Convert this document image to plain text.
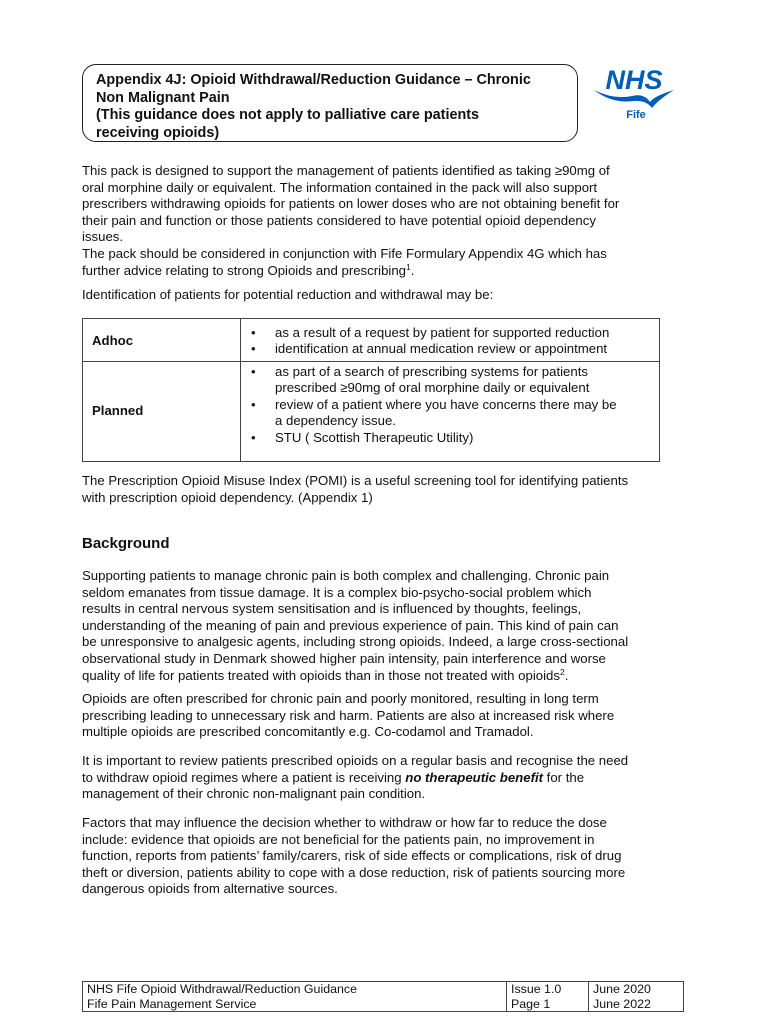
Appendix 4J: Opioid Withdrawal/Reduction Guidance – Chronic
Non Malignant Pain
(This guidance does not apply to palliative care patients
receiving opioids)
NHS
Fife
This pack is designed to support the management of patients identified as taking ≥90mg of
oral morphine daily or equivalent. The information contained in the pack will also support
prescribers withdrawing opioids for patients on lower doses who are not obtaining benefit for
their pain and function or those patients considered to have potential opioid dependency
issues.
The pack should be considered in conjunction with Fife Formulary Appendix 4G which has
further advice relating to strong Opioids and prescribing$^1$.
Identification of patients for potential reduction and withdrawal may be:
Adhoc
• as a result of a request by patient for supported reduction
• identification at annual medication review or appointment
Planned
• as part of a search of prescribing systems for patients
prescribed ≥90mg of oral morphine daily or equivalent
• review of a patient where you have concerns there may be
a dependency issue.
• STU ( Scottish Therapeutic Utility)
The Prescription Opioid Misuse Index (POMI) is a useful screening tool for identifying patients
with prescription opioid dependency. (Appendix 1)
Background
Supporting patients to manage chronic pain is both complex and challenging. Chronic pain
seldom emanates from tissue damage. It is a complex bio-psycho-social problem which
results in central nervous system sensitisation and is influenced by thoughts, feelings,
understanding of the meaning of pain and previous experience of pain. This kind of pain can
be unresponsive to analgesic agents, including strong opioids. Indeed, a large cross-sectional
observational study in Denmark showed higher pain intensity, pain interference and worse
quality of life for patients treated with opioids than in those not treated with opioids$^2$.
Opioids are often prescribed for chronic pain and poorly monitored, resulting in long term
prescribing leading to unnecessary risk and harm. Patients are also at increased risk where
multiple opioids are prescribed concomitantly e.g. Co-codamol and Tramadol.
It is important to review patients prescribed opioids on a regular basis and recognise the need
to withdraw opioid regimes where a patient is receiving no therapeutic benefit for the
management of their chronic non-malignant pain condition.
Factors that may influence the decision whether to withdraw or how far to reduce the dose
include: evidence that opioids are not beneficial for the patients pain, no improvement in
function, reports from patients’ family/carers, risk of side effects or complications, risk of drug
theft or diversion, patients ability to cope with a dose reduction, risk of patients sourcing more
dangerous opioids from alternative sources.
NHS Fife Opioid Withdrawal/Reduction Guidance
Fife Pain Management Service
Issue 1.0
Page 1
June 2020
June 2022
